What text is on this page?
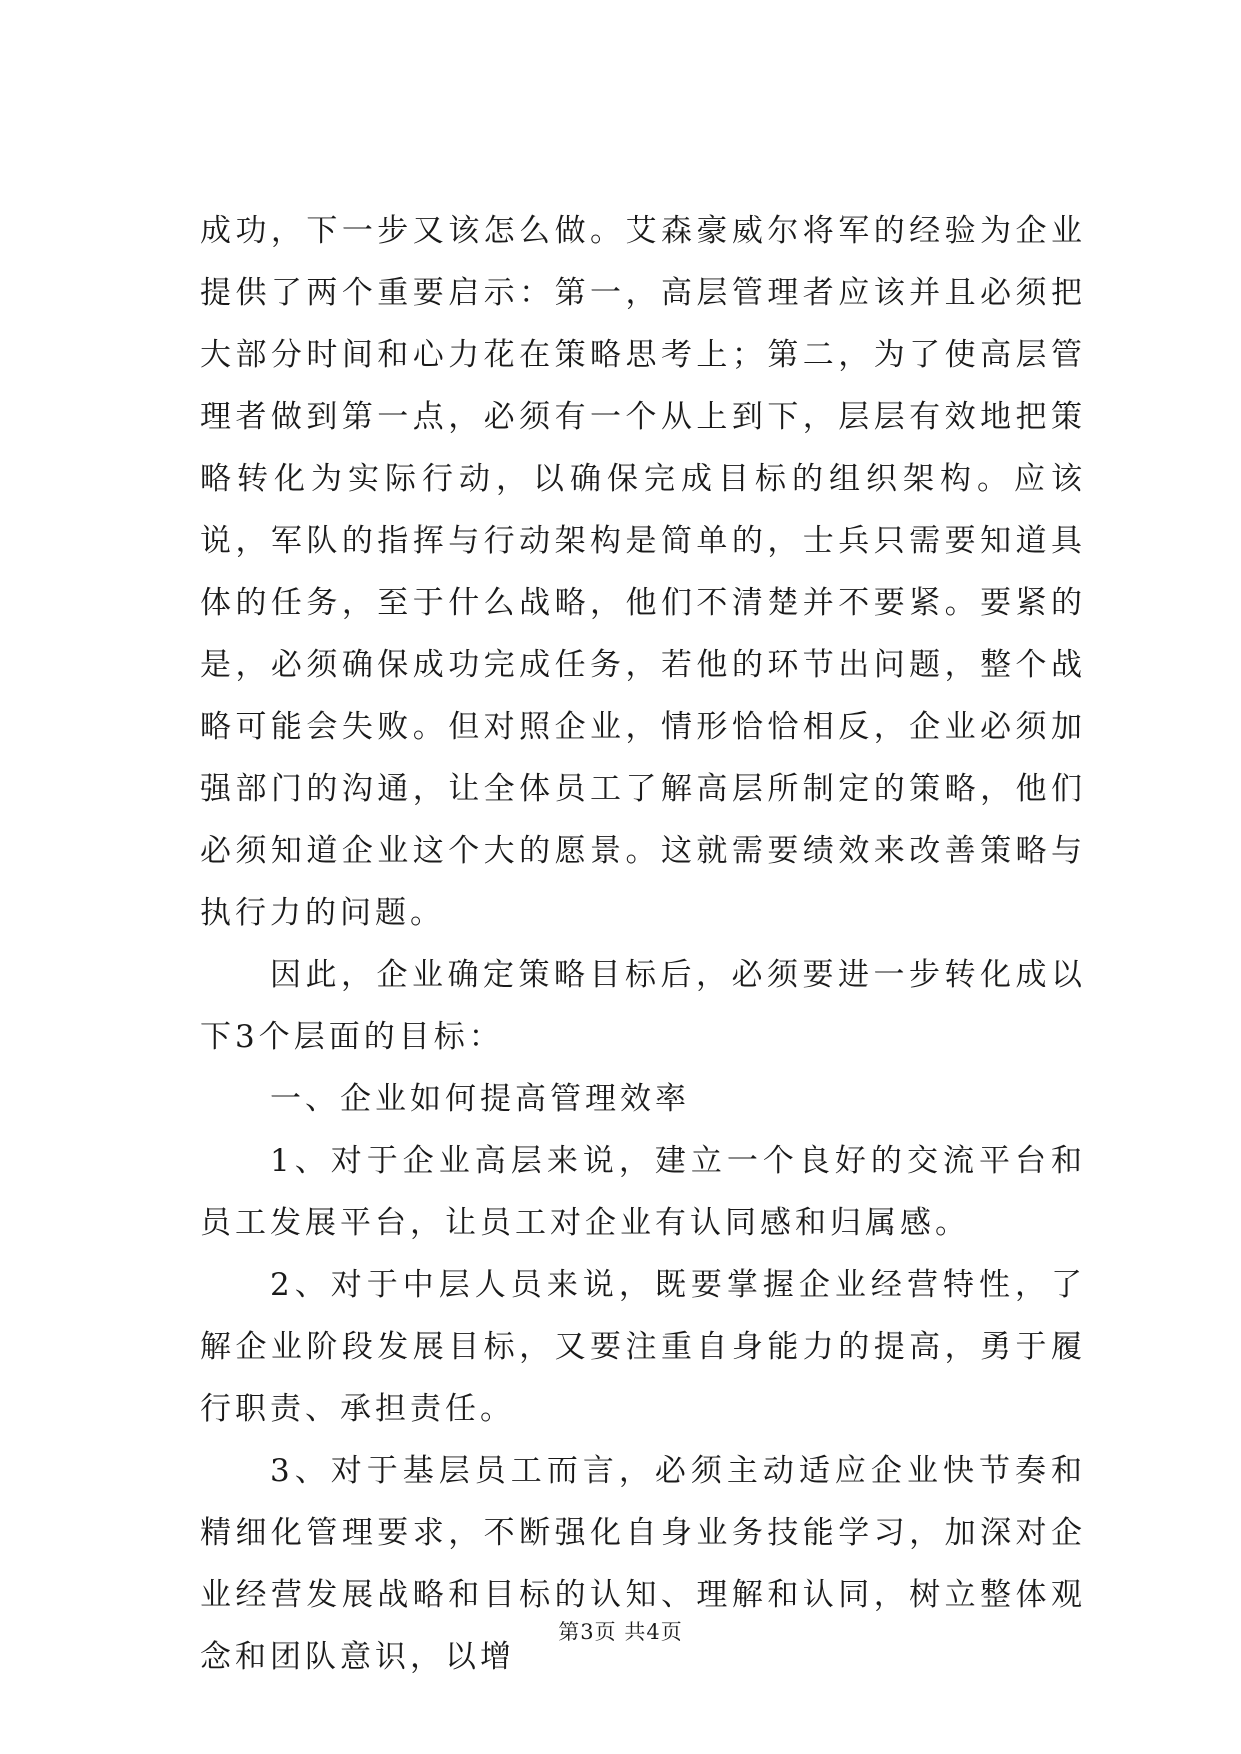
成功，下一步又该怎么做。艾森豪威尔将军的经验为企业提供了两个重要启示：第一，高层管理者应该并且必须把大部分时间和心力花在策略思考上；第二，为了使高层管理者做到第一点，必须有一个从上到下，层层有效地把策略转化为实际行动，以确保完成目标的组织架构。应该说，军队的指挥与行动架构是简单的，士兵只需要知道具体的任务，至于什么战略，他们不清楚并不要紧。要紧的是，必须确保成功完成任务，若他的环节出问题，整个战略可能会失败。但对照企业，情形恰恰相反，企业必须加强部门的沟通，让全体员工了解高层所制定的策略，他们必须知道企业这个大的愿景。这就需要绩效来改善策略与执行力的问题。

因此，企业确定策略目标后，必须要进一步转化成以下3个层面的目标：

一、企业如何提高管理效率

1、对于企业高层来说，建立一个良好的交流平台和员工发展平台，让员工对企业有认同感和归属感。

2、对于中层人员来说，既要掌握企业经营特性，了解企业阶段发展目标，又要注重自身能力的提高，勇于履行职责、承担责任。

3、对于基层员工而言，必须主动适应企业快节奏和精细化管理要求，不断强化自身业务技能学习，加深对企业经营发展战略和目标的认知、理解和认同，树立整体观念和团队意识，以增

第3页 共4页
